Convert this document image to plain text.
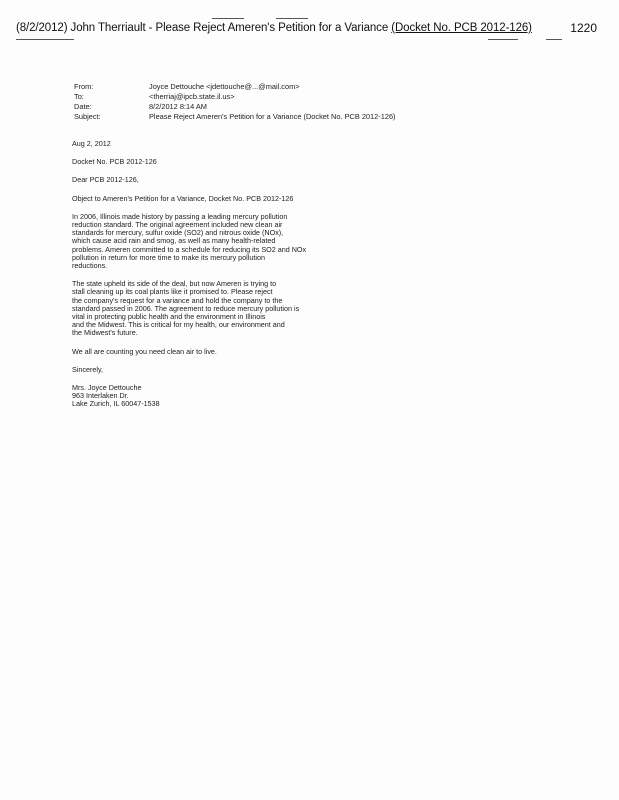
(8/2/2012) John Therriault - Please Reject Ameren's Petition for a Variance (Docket No. PCB 2012-126)	1220
From:	Joyce Dettouche <jdettouche@...@mail.com>
To:	<therriaj@ipcb.state.il.us>
Date:	8/2/2012 8:14 AM
Subject:	Please Reject Ameren's Petition for a Variance (Docket No. PCB 2012-126)

Aug 2, 2012

Docket No. PCB 2012-126

Dear PCB 2012-126,

Object to Ameren's Petition for a Variance, Docket No. PCB 2012-126

In 2006, Illinois made history by passing a leading mercury pollution
reduction standard. The original agreement included new clean air
standards for mercury, sulfur oxide (SO2) and nitrous oxide (NOx),
which cause acid rain and smog, as well as many health-related
problems. Ameren committed to a schedule for reducing its SO2 and NOx
pollution in return for more time to make its mercury pollution
reductions.

The state upheld its side of the deal, but now Ameren is trying to
stall cleaning up its coal plants like it promised to. Please reject
the company's request for a variance and hold the company to the
standard passed in 2006. The agreement to reduce mercury pollution is
vital in protecting public health and the environment in Illinois
and the Midwest. This is critical for my health, our environment and
the Midwest's future.

We all are counting you need clean air to live.

Sincerely,

Mrs. Joyce Dettouche
963 Interlaken Dr.
Lake Zurich, IL 60047-1538
